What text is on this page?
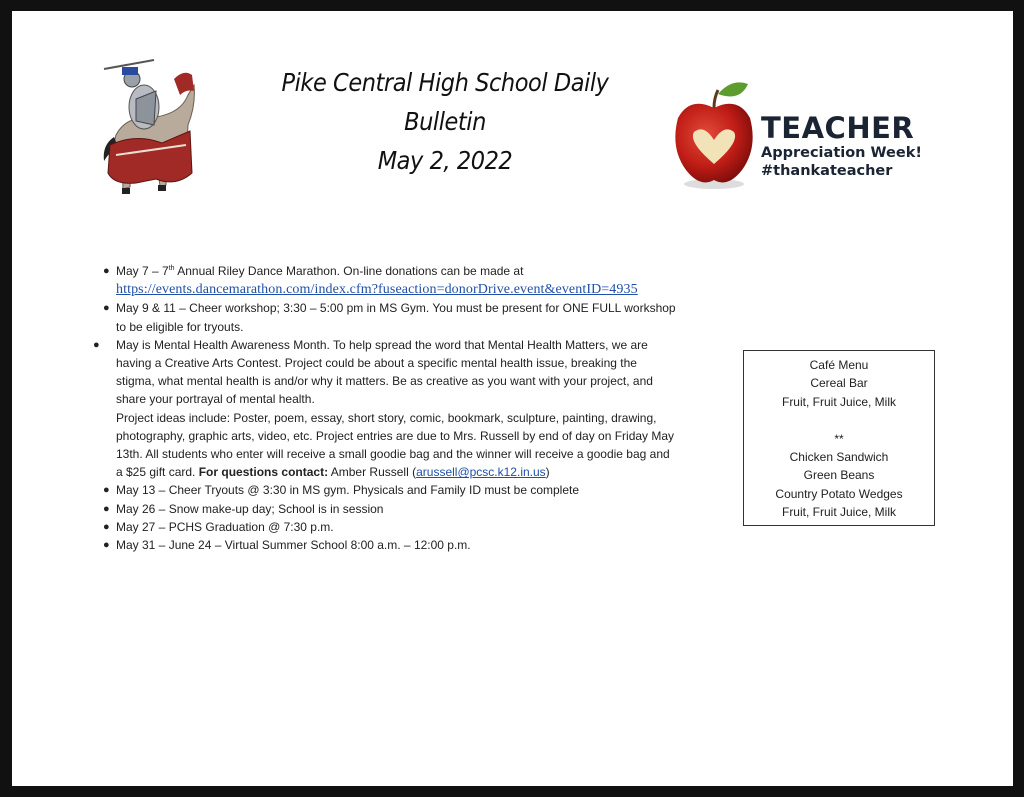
Pike Central High School Daily Bulletin
May 2, 2022
TEACHER
Appreciation Week!
#thankateacher
● May 7 – 7th Annual Riley Dance Marathon. On-line donations can be made at
https://events.dancemarathon.com/index.cfm?fuseaction=donorDrive.event&eventID=4935
● May 9 & 11 – Cheer workshop; 3:30 – 5:00 pm in MS Gym. You must be present for ONE FULL workshop
to be eligible for tryouts.
● May is Mental Health Awareness Month. To help spread the word that Mental Health Matters, we are
having a Creative Arts Contest. Project could be about a specific mental health issue, breaking the
stigma, what mental health is and/or why it matters. Be as creative as you want with your project, and
share your portrayal of mental health.
Project ideas include: Poster, poem, essay, short story, comic, bookmark, sculpture, painting, drawing,
photography, graphic arts, video, etc. Project entries are due to Mrs. Russell by end of day on Friday May
13th. All students who enter will receive a small goodie bag and the winner will receive a goodie bag and
a $25 gift card. For questions contact: Amber Russell (arussell@pcsc.k12.in.us)
● May 13 – Cheer Tryouts @ 3:30 in MS gym. Physicals and Family ID must be complete
● May 26 – Snow make-up day; School is in session
● May 27 – PCHS Graduation @ 7:30 p.m.
● May 31 – June 24 – Virtual Summer School 8:00 a.m. – 12:00 p.m.
Café Menu
Cereal Bar
Fruit, Fruit Juice, Milk
**
Chicken Sandwich
Green Beans
Country Potato Wedges
Fruit, Fruit Juice, Milk
